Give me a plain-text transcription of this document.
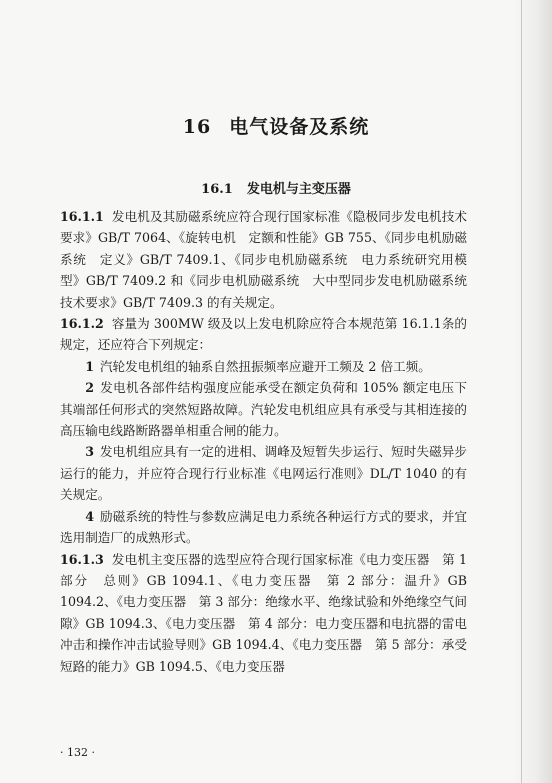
16 电气设备及系统
16.1 发电机与主变压器

16.1.1 发电机及其励磁系统应符合现行国家标准《隐极同步发电机技术要求》GB/T 7064、《旋转电机　定额和性能》GB 755、《同步电机励磁系统　定义》GB/T 7409.1、《同步电机励磁系统　电力系统研究用模型》GB/T 7409.2 和《同步电机励磁系统　大中型同步发电机励磁系统技术要求》GB/T 7409.3 的有关规定。

16.1.2 容量为 300MW 级及以上发电机除应符合本规范第 16.1.1条的规定，还应符合下列规定：

1 汽轮发电机组的轴系自然扭振频率应避开工频及 2 倍工频。

2 发电机各部件结构强度应能承受在额定负荷和 105% 额定电压下其端部任何形式的突然短路故障。汽轮发电机组应具有承受与其相连接的高压输电线路断路器单相重合闸的能力。

3 发电机组应具有一定的进相、调峰及短暂失步运行、短时失磁异步运行的能力，并应符合现行行业标准《电网运行准则》DL/T 1040 的有关规定。

4 励磁系统的特性与参数应满足电力系统各种运行方式的要求，并宜选用制造厂的成熟形式。

16.1.3 发电机主变压器的选型应符合现行国家标准《电力变压器　第 1 部分　总则》GB 1094.1、《电力变压器　第 2 部分：温升》GB 1094.2、《电力变压器　第 3 部分：绝缘水平、绝缘试验和外绝缘空气间隙》GB 1094.3、《电力变压器　第 4 部分：电力变压器和电抗器的雷电冲击和操作冲击试验导则》GB 1094.4、《电力变压器　第 5 部分：承受短路的能力》GB 1094.5、《电力变压器

· 132 ·
